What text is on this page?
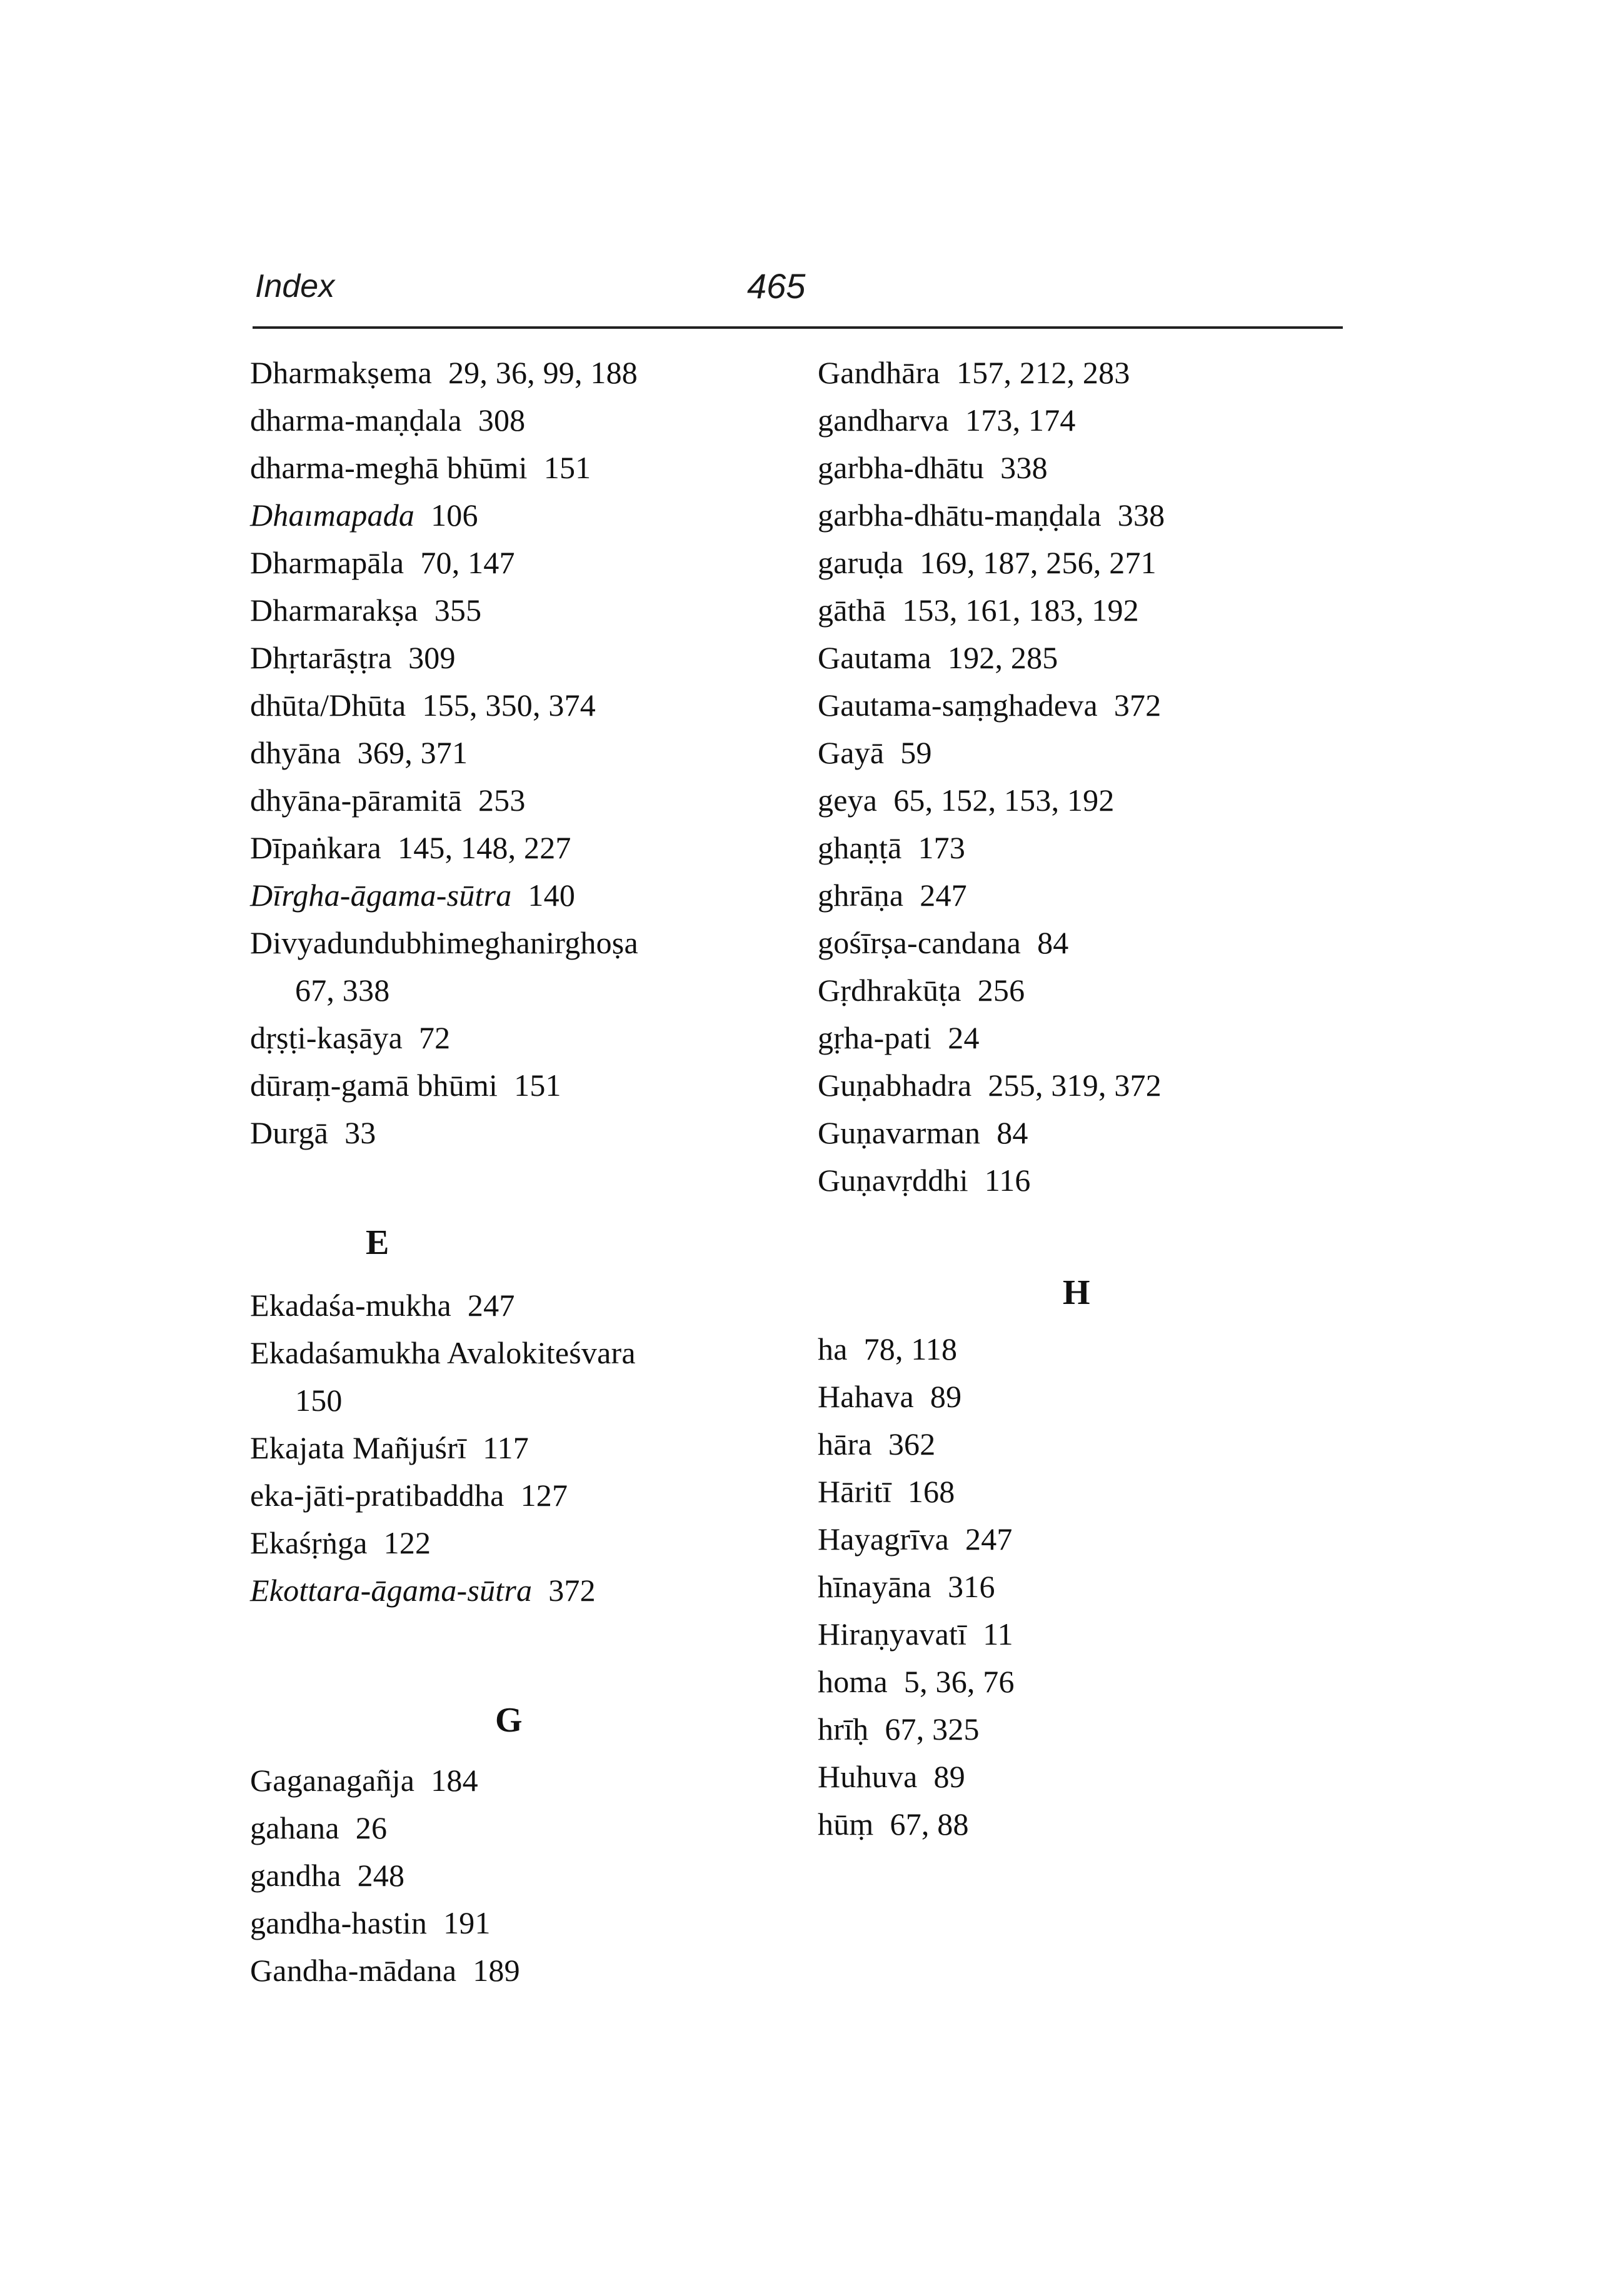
Index	465
Dharmakṣema 29, 36, 99, 188
dharma-maṇḍala 308
dharma-meghā bhūmi 151
Dhaımapada 106
Dharmapāla 70, 147
Dharmarakṣa 355
Dhṛtarāṣṭra 309
dhūta/Dhūta 155, 350, 374
dhyāna 369, 371
dhyāna-pāramitā 253
Dīpaṅkara 145, 148, 227
Dīrgha-āgama-sūtra 140
Divyadundubhimeghanirghoṣa
67, 338
dṛṣṭi-kaṣāya 72
dūraṃ-gamā bhūmi 151
Durgā 33
E
Ekadaśa-mukha 247
Ekadaśamukha Avalokiteśvara
150
Ekajata Mañjuśrī 117
eka-jāti-pratibaddha 127
Ekaśṛṅga 122
Ekottara-āgama-sūtra 372
G
Gaganagañja 184
gahana 26
gandha 248
gandha-hastin 191
Gandha-mādana 189
Gandhāra 157, 212, 283
gandharva 173, 174
garbha-dhātu 338
garbha-dhātu-maṇḍala 338
garuḍa 169, 187, 256, 271
gāthā 153, 161, 183, 192
Gautama 192, 285
Gautama-saṃghadeva 372
Gayā 59
geya 65, 152, 153, 192
ghaṇṭā 173
ghrāṇa 247
gośīrṣa-candana 84
Gṛdhrakūṭa 256
gṛha-pati 24
Guṇabhadra 255, 319, 372
Guṇavarman 84
Guṇavṛddhi 116
H
ha 78, 118
Hahava 89
hāra 362
Hāritī 168
Hayagrīva 247
hīnayāna 316
Hiraṇyavatī 11
homa 5, 36, 76
hrīḥ 67, 325
Huhuva 89
hūṃ 67, 88
